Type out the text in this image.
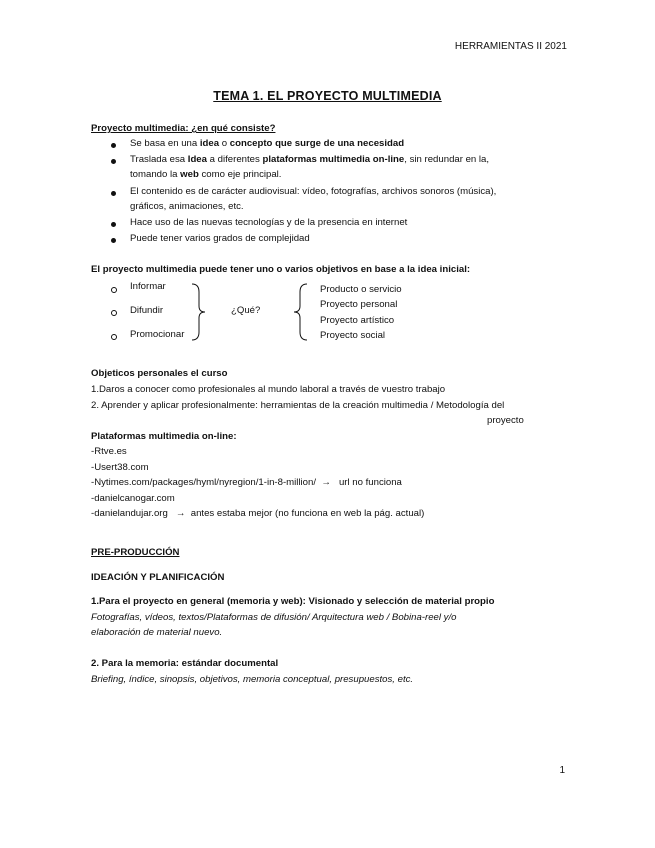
HERRAMIENTAS II 2021
TEMA 1. EL PROYECTO MULTIMEDIA
Proyecto multimedia: ¿en qué consiste?
Se basa en una idea o concepto que surge de una necesidad
Traslada esa Idea a diferentes plataformas multimedia on-line, sin redundar en la,
tomando la web como eje principal.
El contenido es de carácter audiovisual: vídeo, fotografías, archivos sonoros (música),
gráficos, animaciones, etc.
Hace uso de las nuevas tecnologías y de la presencia en internet
Puede tener varios grados de complejidad
El proyecto multimedia puede tener uno o varios objetivos en base a la idea inicial:
Informar
Difundir
Promocionar
¿Qué?
Producto o servicio
Proyecto personal
Proyecto artístico
Proyecto social
Objeticos personales el curso
1.Daros a conocer como profesionales al mundo laboral a través de vuestro trabajo
2. Aprender y aplicar profesionalmente: herramientas de la creación multimedia / Metodología del
proyecto
Plataformas multimedia on-line:
-Rtve.es
-Usert38.com
-Nytimes.com/packages/hyml/nyregion/1-in-8-million/ → url no funciona
-danielcanogar.com
-danielandujar.org → antes estaba mejor (no funciona en web la pág. actual)
PRE-PRODUCCIÓN
IDEACIÓN Y PLANIFICACIÓN
1.Para el proyecto en general (memoria y web): Visionado y selección de material propio
Fotografías, vídeos, textos/Plataformas de difusión/ Arquitectura web / Bobina-reel y/o
elaboración de material nuevo.
2. Para la memoria: estándar documental
Briefing, índice, sinopsis, objetivos, memoria conceptual, presupuestos, etc.
1
